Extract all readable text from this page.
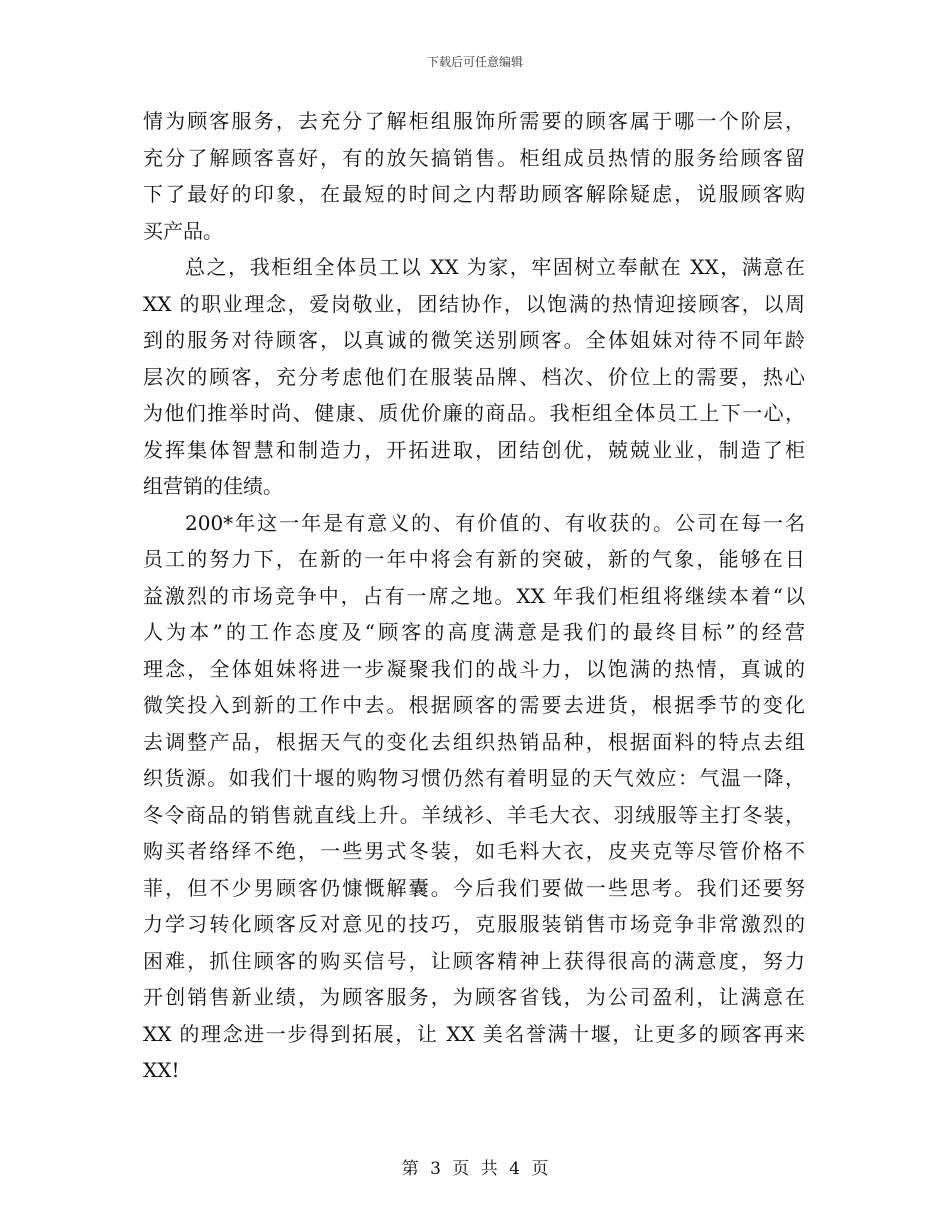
下载后可任意编辑
情为顾客服务，去充分了解柜组服饰所需要的顾客属于哪一个阶层，
充分了解顾客喜好，有的放矢搞销售。柜组成员热情的服务给顾客留
下了最好的印象，在最短的时间之内帮助顾客解除疑虑，说服顾客购
买产品。
总之，我柜组全体员工以 XX 为家，牢固树立奉献在 XX，满意在
XX 的职业理念，爱岗敬业，团结协作，以饱满的热情迎接顾客，以周
到的服务对待顾客，以真诚的微笑送别顾客。全体姐妹对待不同年龄
层次的顾客，充分考虑他们在服装品牌、档次、价位上的需要，热心
为他们推举时尚、健康、质优价廉的商品。我柜组全体员工上下一心，
发挥集体智慧和制造力，开拓进取，团结创优，兢兢业业，制造了柜
组营销的佳绩。
200*年这一年是有意义的、有价值的、有收获的。公司在每一名
员工的努力下，在新的一年中将会有新的突破，新的气象，能够在日
益激烈的市场竞争中，占有一席之地。XX 年我们柜组将继续本着“以
人为本”的工作态度及“顾客的高度满意是我们的最终目标”的经营
理念，全体姐妹将进一步凝聚我们的战斗力，以饱满的热情，真诚的
微笑投入到新的工作中去。根据顾客的需要去进货，根据季节的变化
去调整产品，根据天气的变化去组织热销品种，根据面料的特点去组
织货源。如我们十堰的购物习惯仍然有着明显的天气效应：气温一降，
冬令商品的销售就直线上升。羊绒衫、羊毛大衣、羽绒服等主打冬装，
购买者络绎不绝，一些男式冬装，如毛料大衣，皮夹克等尽管价格不
菲，但不少男顾客仍慷慨解囊。今后我们要做一些思考。我们还要努
力学习转化顾客反对意见的技巧，克服服装销售市场竞争非常激烈的
困难，抓住顾客的购买信号，让顾客精神上获得很高的满意度，努力
开创销售新业绩，为顾客服务，为顾客省钱，为公司盈利，让满意在
XX 的理念进一步得到拓展，让 XX 美名誉满十堰，让更多的顾客再来
XX!
第 3 页 共 4 页
